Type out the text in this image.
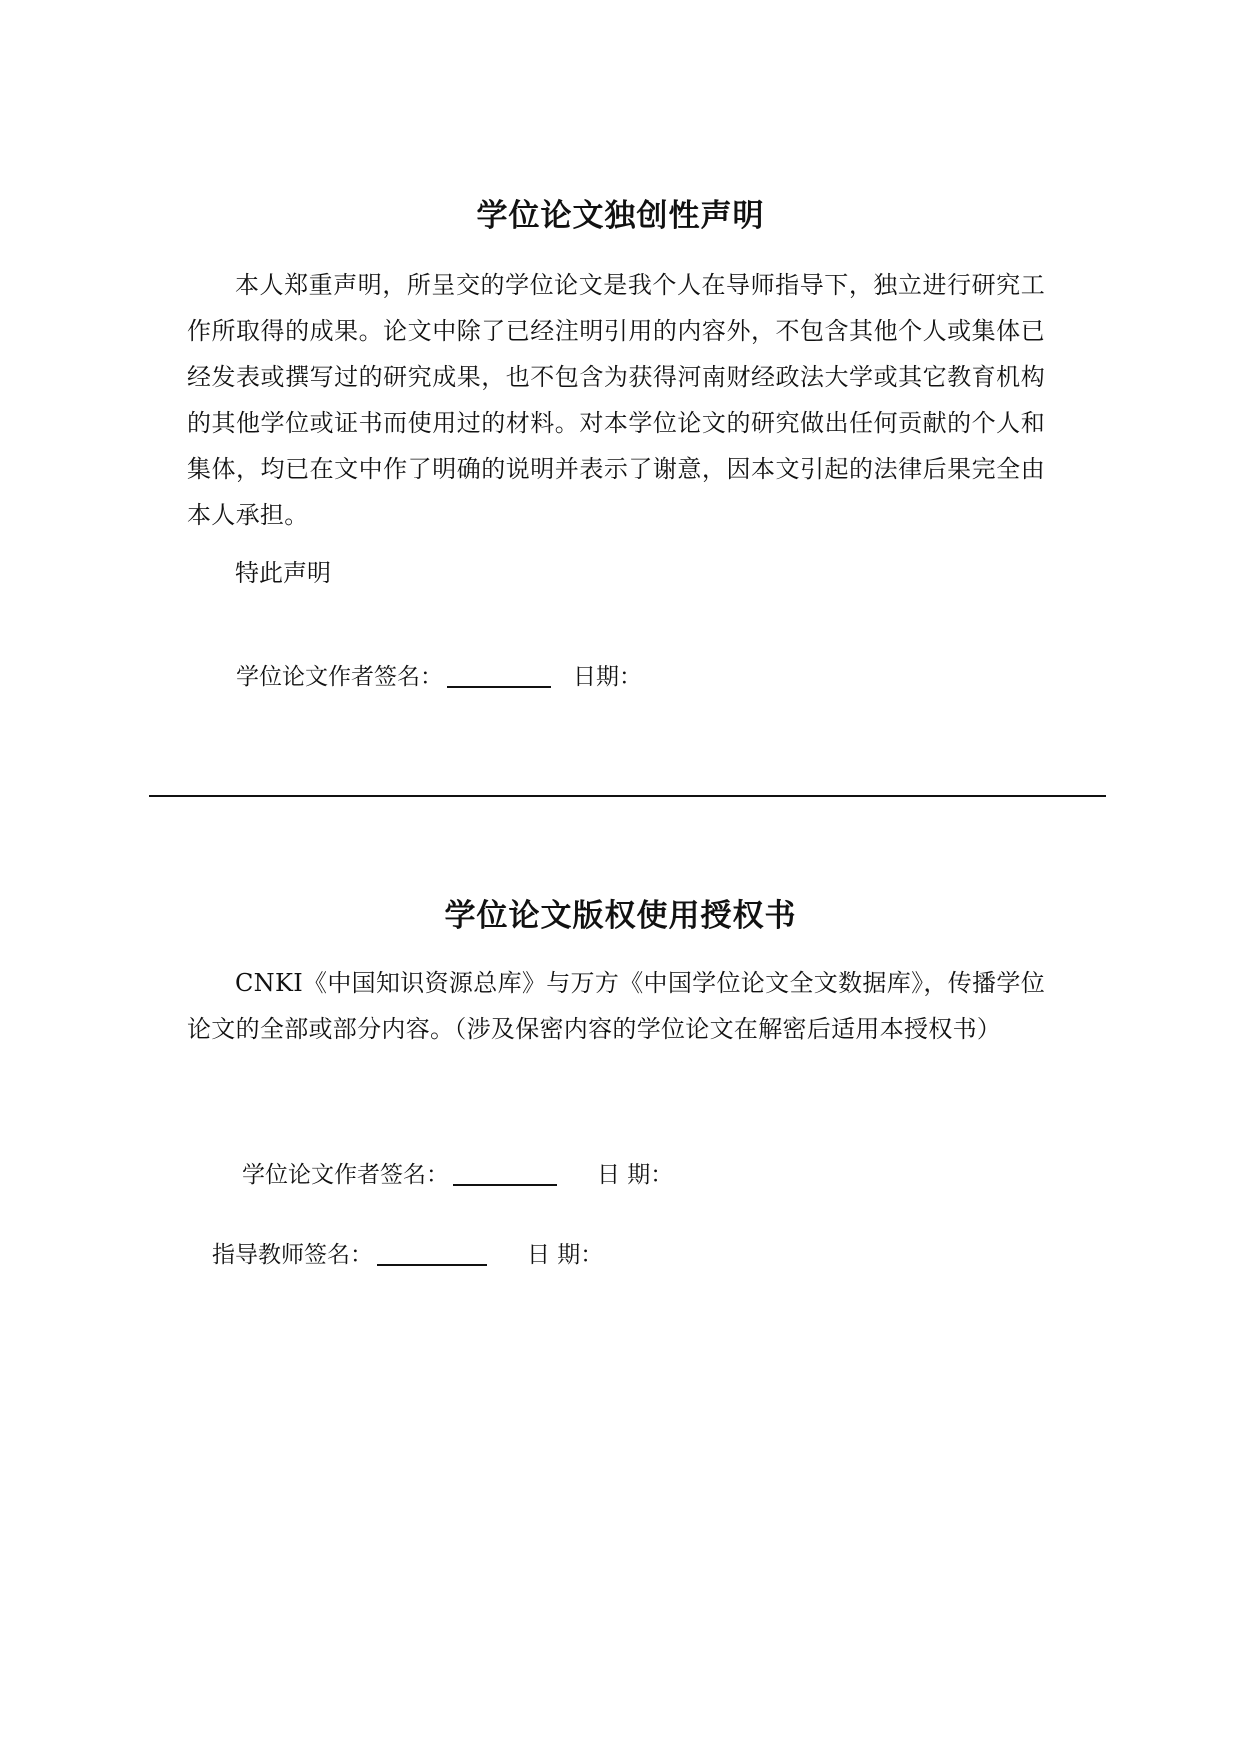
学位论文独创性声明

本人郑重声明，所呈交的学位论文是我个人在导师指导下，独立进行研究工作所取得的成果。论文中除了已经注明引用的内容外，不包含其他个人或集体已经发表或撰写过的研究成果，也不包含为获得河南财经政法大学或其它教育机构的其他学位或证书而使用过的材料。对本学位论文的研究做出任何贡献的个人和集体，均已在文中作了明确的说明并表示了谢意，因本文引起的法律后果完全由本人承担。

特此声明

学位论文作者签名：	日期：
学位论文版权使用授权书

CNKI《中国知识资源总库》与万方《中国学位论文全文数据库》，传播学位论文的全部或部分内容。（涉及保密内容的学位论文在解密后适用本授权书）

学位论文作者签名：	日 期：
指导教师签名：	日 期：
